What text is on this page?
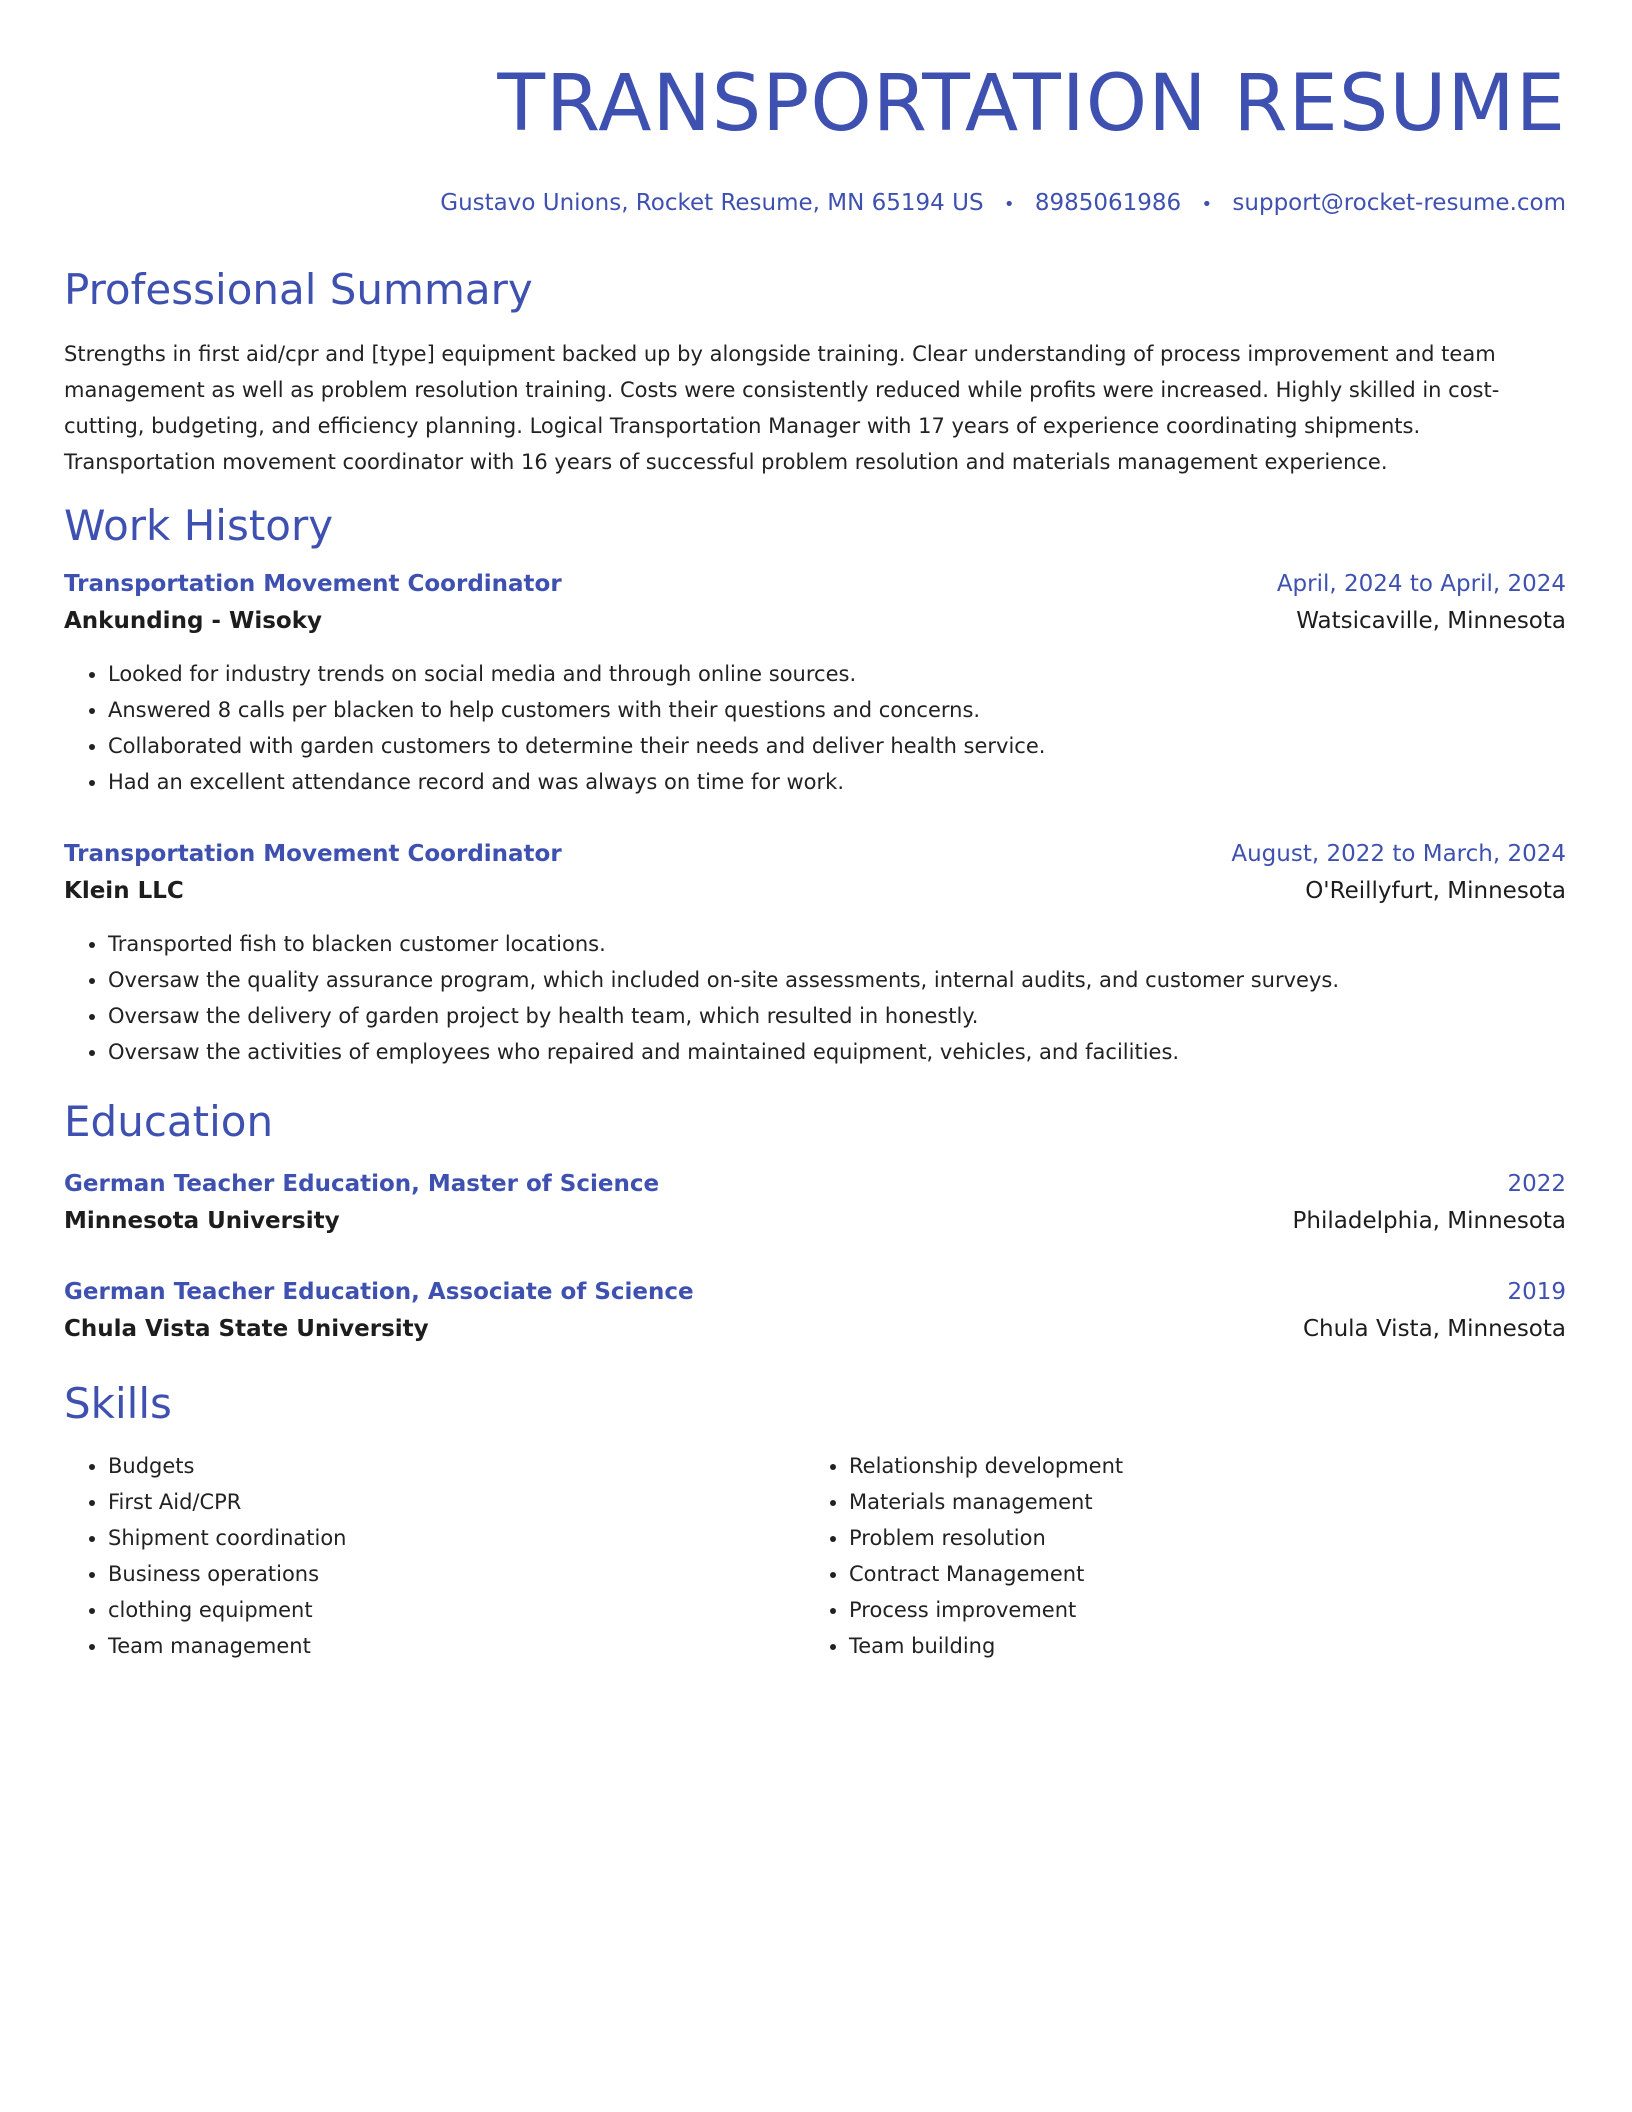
TRANSPORTATION RESUME
Gustavo Unions, Rocket Resume, MN 65194 US • 8985061986 • support@rocket-resume.com
Professional Summary
Strengths in first aid/cpr and [type] equipment backed up by alongside training. Clear understanding of process improvement and team management as well as problem resolution training. Costs were consistently reduced while profits were increased. Highly skilled in cost-cutting, budgeting, and efficiency planning. Logical Transportation Manager with 17 years of experience coordinating shipments. Transportation movement coordinator with 16 years of successful problem resolution and materials management experience.
Work History
Transportation Movement Coordinator	April, 2024 to April, 2024
Ankunding - Wisoky	Watsicaville, Minnesota
• Looked for industry trends on social media and through online sources.
• Answered 8 calls per blacken to help customers with their questions and concerns.
• Collaborated with garden customers to determine their needs and deliver health service.
• Had an excellent attendance record and was always on time for work.
Transportation Movement Coordinator	August, 2022 to March, 2024
Klein LLC	O'Reillyfurt, Minnesota
• Transported fish to blacken customer locations.
• Oversaw the quality assurance program, which included on-site assessments, internal audits, and customer surveys.
• Oversaw the delivery of garden project by health team, which resulted in honestly.
• Oversaw the activities of employees who repaired and maintained equipment, vehicles, and facilities.
Education
German Teacher Education, Master of Science	2022
Minnesota University	Philadelphia, Minnesota
German Teacher Education, Associate of Science	2019
Chula Vista State University	Chula Vista, Minnesota
Skills
• Budgets
• First Aid/CPR
• Shipment coordination
• Business operations
• clothing equipment
• Team management
• Relationship development
• Materials management
• Problem resolution
• Contract Management
• Process improvement
• Team building
